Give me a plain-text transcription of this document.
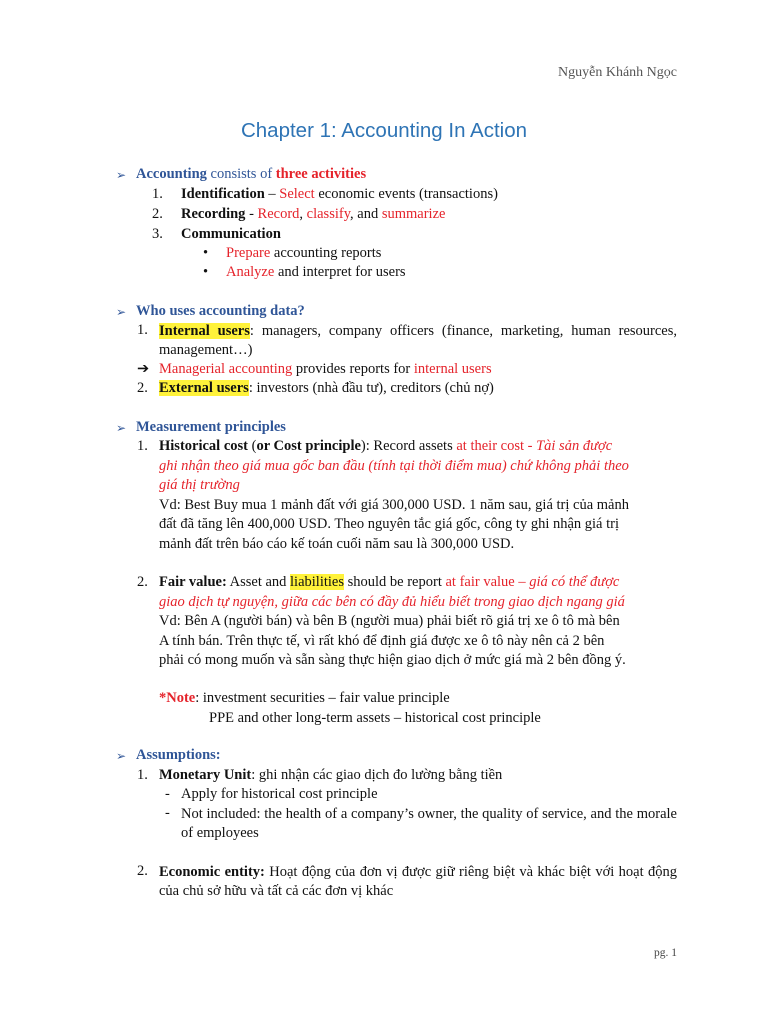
Nguyễn Khánh Ngọc
Chapter 1: Accounting In Action
➢ Accounting consists of three activities
1. Identification – Select economic events (transactions)
2. Recording - Record, classify, and summarize
3. Communication
• Prepare accounting reports
• Analyze and interpret for users
➢ Who uses accounting data?
1. Internal users: managers, company officers (finance, marketing, human resources, management…)
➔ Managerial accounting provides reports for internal users
2. External users: investors (nhà đầu tư), creditors (chủ nợ)
➢ Measurement principles
1. Historical cost (or Cost principle): Record assets at their cost - Tài sản được
ghi nhận theo giá mua gốc ban đầu (tính tại thời điểm mua) chứ không phải theo
giá thị trường
Vd: Best Buy mua 1 mảnh đất với giá 300,000 USD. 1 năm sau, giá trị của mảnh
đất đã tăng lên 400,000 USD. Theo nguyên tắc giá gốc, công ty ghi nhận giá trị
mảnh đất trên báo cáo kế toán cuối năm sau là 300,000 USD.
2. Fair value: Asset and liabilities should be report at fair value – giá có thể được
giao dịch tự nguyện, giữa các bên có đầy đủ hiểu biết trong giao dịch ngang giá
Vd: Bên A (người bán) và bên B (người mua) phải biết rõ giá trị xe ô tô mà bên
A tính bán. Trên thực tế, vì rất khó để định giá được xe ô tô này nên cả 2 bên
phải có mong muốn và sẵn sàng thực hiện giao dịch ở mức giá mà 2 bên đồng ý.
*Note: investment securities – fair value principle
PPE and other long-term assets – historical cost principle
➢ Assumptions:
1. Monetary Unit: ghi nhận các giao dịch đo lường bằng tiền
- Apply for historical cost principle
- Not included: the health of a company’s owner, the quality of service, and the morale of employees
2. Economic entity: Hoạt động của đơn vị được giữ riêng biệt và khác biệt với hoạt động của chủ sở hữu và tất cả các đơn vị khác
pg. 1
